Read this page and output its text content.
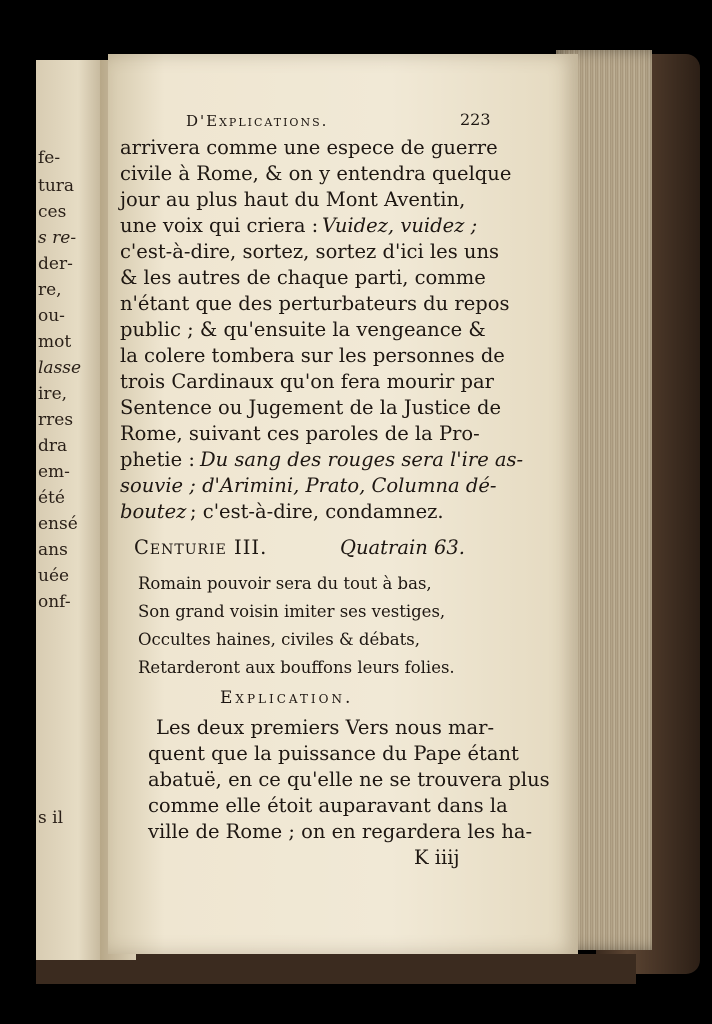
fe-
tura
ces
s re-
der-
re,
ou-
mot
lasse
ire,
rres
dra
em-
été
ensé
ans
uée
onf-
s il
D'Explications.	223
arrivera comme une espece de guerre
civile à Rome, & on y entendra quelque
jour au plus haut du Mont Aventin,
une voix qui criera : Vuidez, vuidez ;
c'est-à-dire, sortez, sortez d'ici les uns
& les autres de chaque parti, comme
n'étant que des perturbateurs du repos
public ; & qu'ensuite la vengeance &
la colere tombera sur les personnes de
trois Cardinaux qu'on fera mourir par
Sentence ou Jugement de la Justice de
Rome, suivant ces paroles de la Pro-
phetie : Du sang des rouges sera l'ire as-
souvie ; d'Arimini, Prato, Columna dé-
boutez ; c'est-à-dire, condamnez.
Centurie III.	Quatrain 63.
Romain pouvoir sera du tout à bas,
Son grand voisin imiter ses vestiges,
Occultes haines, civiles & débats,
Retarderont aux bouffons leurs folies.
Explication.
Les deux premiers Vers nous mar-
quent que la puissance du Pape étant
abatuë, en ce qu'elle ne se trouvera plus
comme elle étoit auparavant dans la
ville de Rome ; on en regardera les ha-
K iiij
